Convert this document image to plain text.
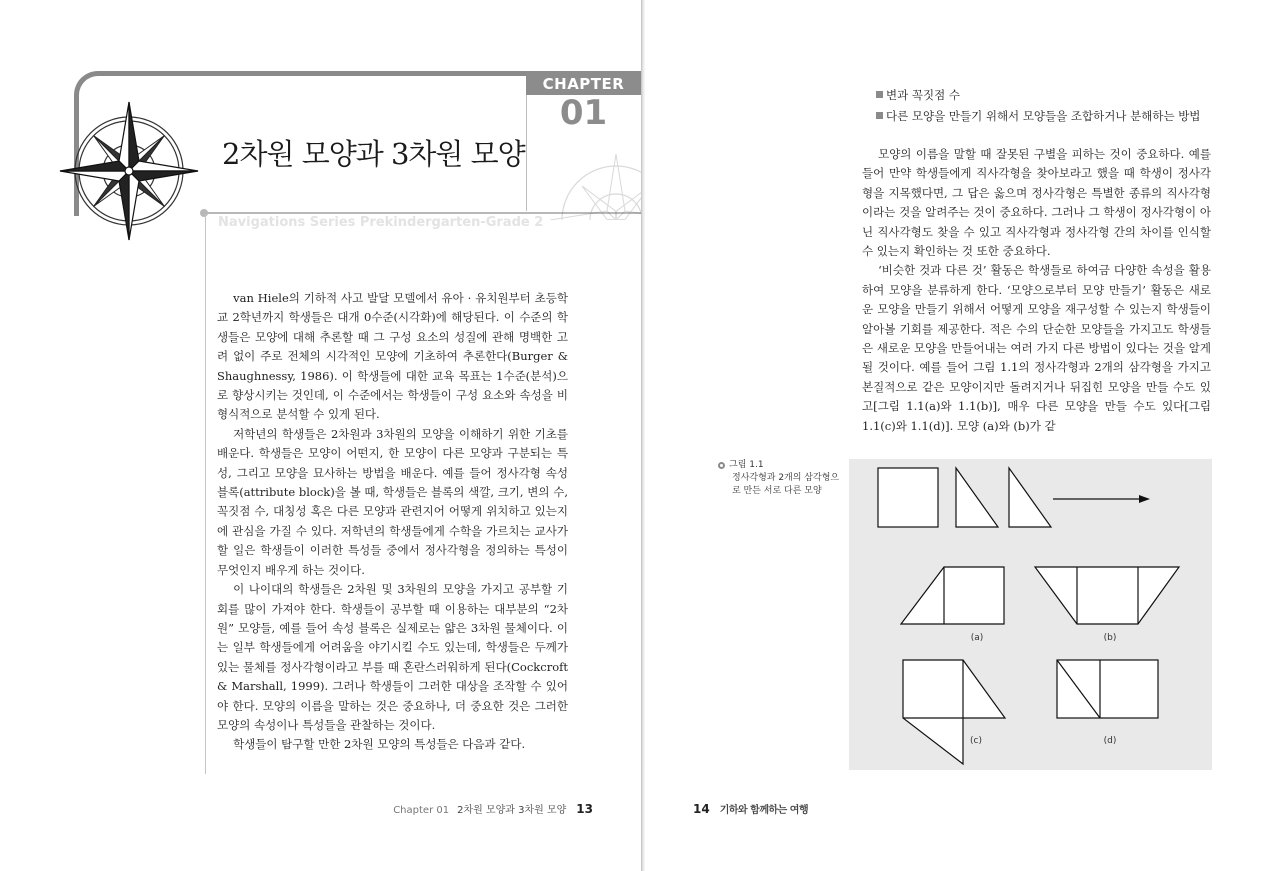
CHAPTER
01
2차원 모양과 3차원 모양
Navigations Series Prekindergarten-Grade 2

van Hiele의 기하적 사고 발달 모델에서 유아 · 유치원부터 초등학교 2학년까지 학생들은 대개 0수준(시각화)에 해당된다. 이 수준의 학생들은 모양에 대해 추론할 때 그 구성 요소의 성질에 관해 명백한 고려 없이 주로 전체의 시각적인 모양에 기초하여 추론한다(Burger & Shaughnessy, 1986). 이 학생들에 대한 교육 목표는 1수준(분석)으로 향상시키는 것인데, 이 수준에서는 학생들이 구성 요소와 속성을 비형식적으로 분석할 수 있게 된다.

저학년의 학생들은 2차원과 3차원의 모양을 이해하기 위한 기초를 배운다. 학생들은 모양이 어떤지, 한 모양이 다른 모양과 구분되는 특성, 그리고 모양을 묘사하는 방법을 배운다. 예를 들어 정사각형 속성 블록(attribute block)을 볼 때, 학생들은 블록의 색깔, 크기, 변의 수, 꼭짓점 수, 대칭성 혹은 다른 모양과 관련지어 어떻게 위치하고 있는지에 관심을 가질 수 있다. 저학년의 학생들에게 수학을 가르치는 교사가 할 일은 학생들이 이러한 특성들 중에서 정사각형을 정의하는 특성이 무엇인지 배우게 하는 것이다.

이 나이대의 학생들은 2차원 및 3차원의 모양을 가지고 공부할 기회를 많이 가져야 한다. 학생들이 공부할 때 이용하는 대부분의 “2차원” 모양들, 예를 들어 속성 블록은 실제로는 얇은 3차원 물체이다. 이는 일부 학생들에게 어려움을 야기시킬 수도 있는데, 학생들은 두께가 있는 물체를 정사각형이라고 부를 때 혼란스러워하게 된다(Cockcroft & Marshall, 1999). 그러나 학생들이 그러한 대상을 조작할 수 있어야 한다. 모양의 이름을 말하는 것은 중요하나, 더 중요한 것은 그러한 모양의 속성이나 특성들을 관찰하는 것이다.

학생들이 탐구할 만한 2차원 모양의 특성들은 다음과 같다.

Chapter 01 2차원 모양과 3차원 모양 13
변과 꼭짓점 수
다른 모양을 만들기 위해서 모양들을 조합하거나 분해하는 방법

모양의 이름을 말할 때 잘못된 구별을 피하는 것이 중요하다. 예를 들어 만약 학생들에게 직사각형을 찾아보라고 했을 때 학생이 정사각형을 지목했다면, 그 답은 옳으며 정사각형은 특별한 종류의 직사각형이라는 것을 알려주는 것이 중요하다. 그러나 그 학생이 정사각형이 아닌 직사각형도 찾을 수 있고 직사각형과 정사각형 간의 차이를 인식할 수 있는지 확인하는 것 또한 중요하다.

‘비슷한 것과 다른 것’ 활동은 학생들로 하여금 다양한 속성을 활용하여 모양을 분류하게 한다. ‘모양으로부터 모양 만들기’ 활동은 새로운 모양을 만들기 위해서 어떻게 모양을 재구성할 수 있는지 학생들이 알아볼 기회를 제공한다. 적은 수의 단순한 모양들을 가지고도 학생들은 새로운 모양을 만들어내는 여러 가지 다른 방법이 있다는 것을 알게 될 것이다. 예를 들어 그림 1.1의 정사각형과 2개의 삼각형을 가지고 본질적으로 같은 모양이지만 돌려지거나 뒤집힌 모양을 만들 수도 있고[그림 1.1(a)와 1.1(b)], 매우 다른 모양을 만들 수도 있다[그림 1.1(c)와 1.1(d)]. 모양 (a)와 (b)가 같

그림 1.1
정사각형과 2개의 삼각형으로 만든 서로 다른 모양
(a)	(b)
(c)	(d)
14 기하와 함께하는 여행
